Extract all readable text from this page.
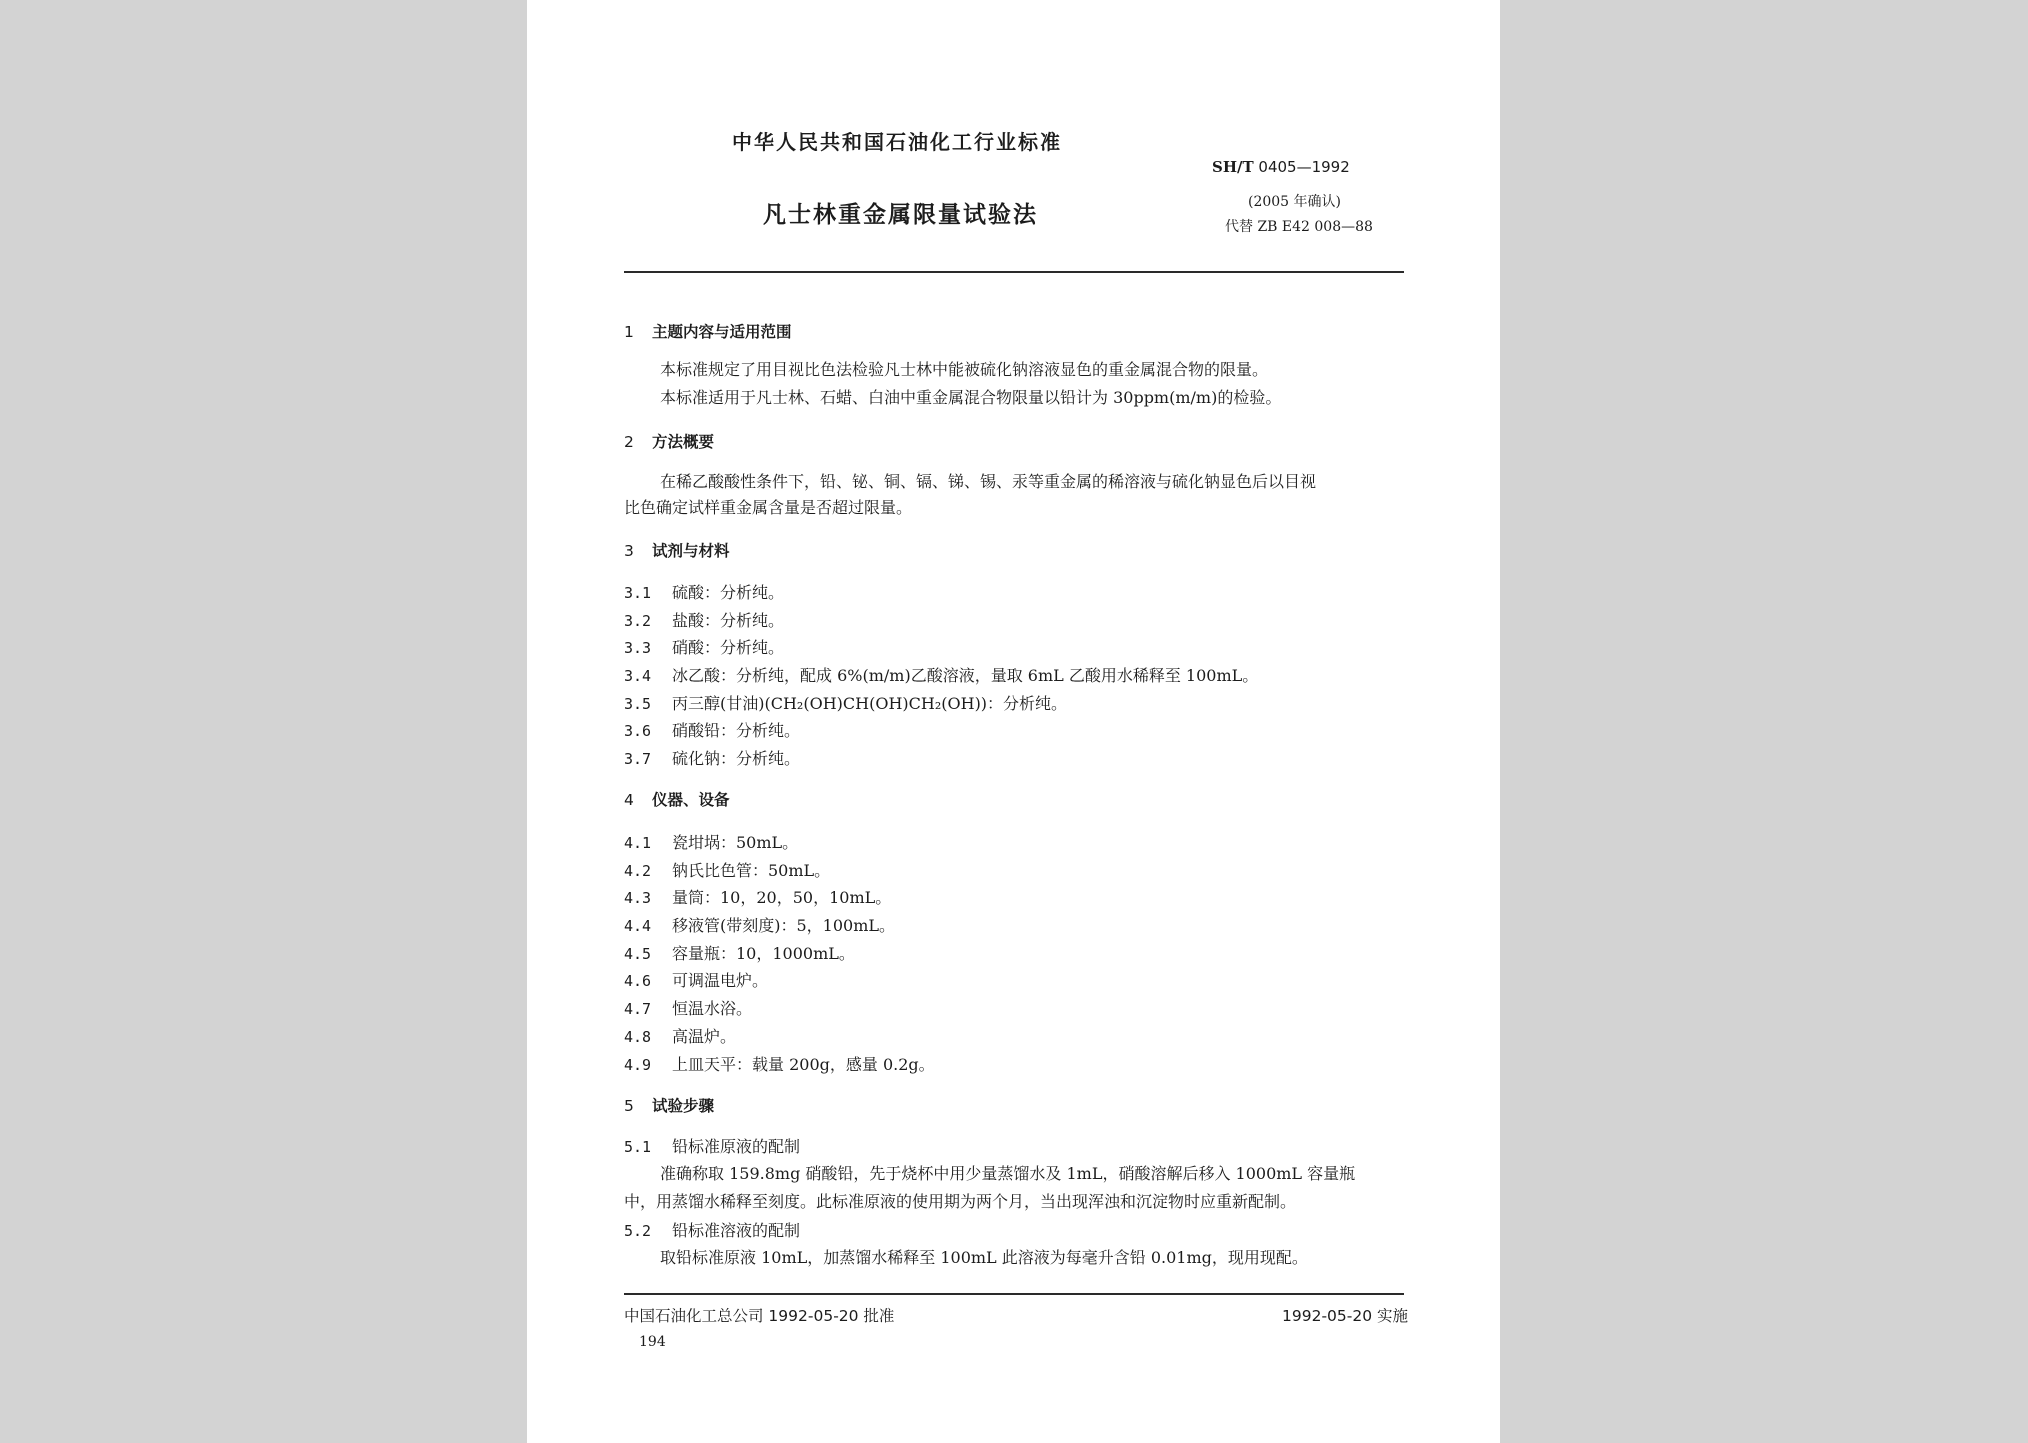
中华人民共和国石油化工行业标准
SH/T 0405—1992
凡士林重金属限量试验法	(2005 年确认)
代替 ZB E42 008—88
1 主题内容与适用范围
本标准规定了用目视比色法检验凡士林中能被硫化钠溶液显色的重金属混合物的限量。
本标准适用于凡士林、石蜡、白油中重金属混合物限量以铅计为 30ppm(m/m)的检验。
2 方法概要
在稀乙酸酸性条件下，铅、铋、铜、镉、锑、锡、汞等重金属的稀溶液与硫化钠显色后以目视
比色确定试样重金属含量是否超过限量。
3 试剂与材料
3.1 硫酸：分析纯。
3.2 盐酸：分析纯。
3.3 硝酸：分析纯。
3.4 冰乙酸：分析纯，配成 6%(m/m)乙酸溶液，量取 6mL 乙酸用水稀释至 100mL。
3.5 丙三醇(甘油)(CH₂(OH)CH(OH)CH₂(OH))：分析纯。
3.6 硝酸铅：分析纯。
3.7 硫化钠：分析纯。
4 仪器、设备
4.1 瓷坩埚：50mL。
4.2 钠氏比色管：50mL。
4.3 量筒：10，20，50，10mL。
4.4 移液管(带刻度)：5，100mL。
4.5 容量瓶：10，1000mL。
4.6 可调温电炉。
4.7 恒温水浴。
4.8 高温炉。
4.9 上皿天平：载量 200g，感量 0.2g。
5 试验步骤
5.1 铅标准原液的配制
准确称取 159.8mg 硝酸铅，先于烧杯中用少量蒸馏水及 1mL，硝酸溶解后移入 1000mL 容量瓶
中，用蒸馏水稀释至刻度。此标准原液的使用期为两个月，当出现浑浊和沉淀物时应重新配制。
5.2 铅标准溶液的配制
取铅标准原液 10mL，加蒸馏水稀释至 100mL 此溶液为每毫升含铅 0.01mg，现用现配。
中国石油化工总公司 1992-05-20 批准	1992-05-20 实施
194
